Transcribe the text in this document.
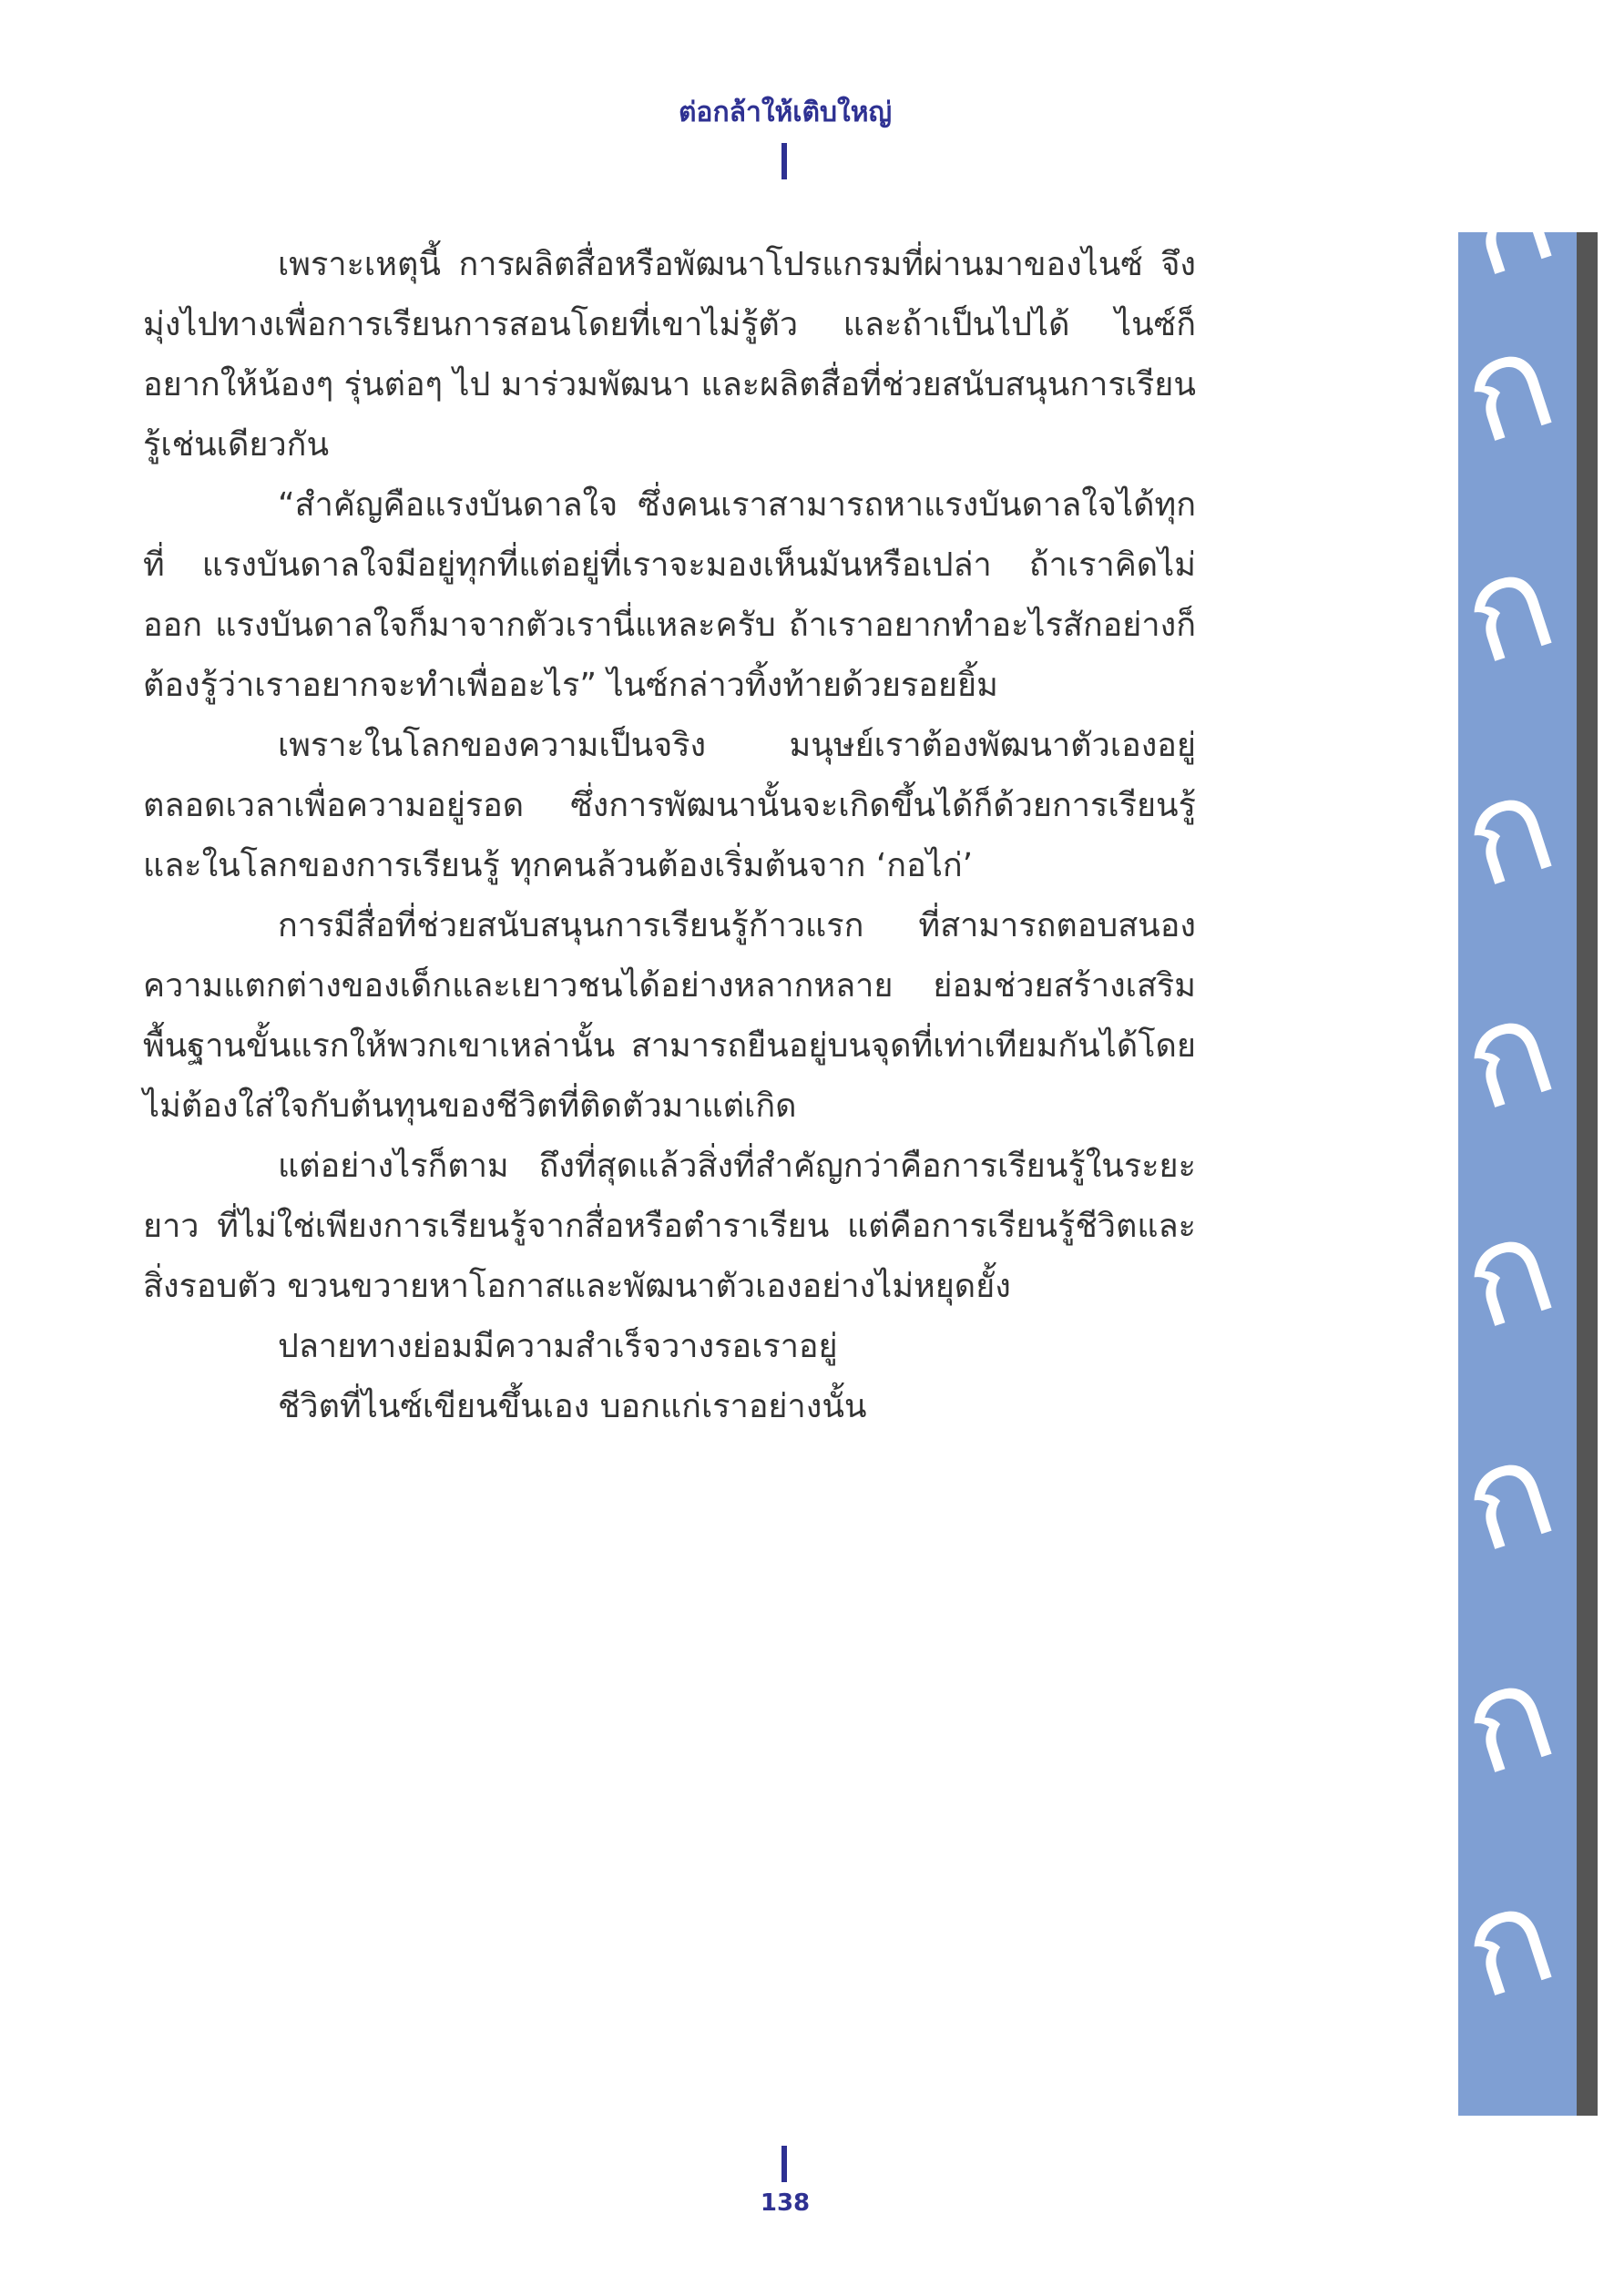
ต่อกล้าให้เติบใหญ่

เพราะเหตุนี้ การผลิตสื่อหรือพัฒนาโปรแกรมที่ผ่านมาของไนซ์ จึงมุ่งไปทางเพื่อการเรียนการสอนโดยที่เขาไม่รู้ตัว และถ้าเป็นไปได้ ไนซ์ก็อยากให้น้องๆ รุ่นต่อๆ ไป มาร่วมพัฒนา และผลิตสื่อที่ช่วยสนับสนุนการเรียนรู้เช่นเดียวกัน

“สำคัญคือแรงบันดาลใจ ซึ่งคนเราสามารถหาแรงบันดาลใจได้ทุกที่ แรงบันดาลใจมีอยู่ทุกที่แต่อยู่ที่เราจะมองเห็นมันหรือเปล่า ถ้าเราคิดไม่ออก แรงบันดาลใจก็มาจากตัวเรานี่แหละครับ ถ้าเราอยากทำอะไรสักอย่างก็ต้องรู้ว่าเราอยากจะทำเพื่ออะไร” ไนซ์กล่าวทิ้งท้ายด้วยรอยยิ้ม

เพราะในโลกของความเป็นจริง มนุษย์เราต้องพัฒนาตัวเองอยู่ตลอดเวลาเพื่อความอยู่รอด ซึ่งการพัฒนานั้นจะเกิดขึ้นได้ก็ด้วยการเรียนรู้ และในโลกของการเรียนรู้ ทุกคนล้วนต้องเริ่มต้นจาก ‘กอไก่’

การมีสื่อที่ช่วยสนับสนุนการเรียนรู้ก้าวแรก ที่สามารถตอบสนองความแตกต่างของเด็กและเยาวชนได้อย่างหลากหลาย ย่อมช่วยสร้างเสริมพื้นฐานขั้นแรกให้พวกเขาเหล่านั้น สามารถยืนอยู่บนจุดที่เท่าเทียมกันได้โดยไม่ต้องใส่ใจกับต้นทุนของชีวิตที่ติดตัวมาแต่เกิด

แต่อย่างไรก็ตาม ถึงที่สุดแล้วสิ่งที่สำคัญกว่าคือการเรียนรู้ในระยะยาว ที่ไม่ใช่เพียงการเรียนรู้จากสื่อหรือตำราเรียน แต่คือการเรียนรู้ชีวิตและสิ่งรอบตัว ขวนขวายหาโอกาสและพัฒนาตัวเองอย่างไม่หยุดยั้ง

ปลายทางย่อมมีความสำเร็จวางรอเราอยู่

ชีวิตที่ไนซ์เขียนขึ้นเอง บอกแก่เราอย่างนั้น

ก
ก
ก
ก
ก
ก
ก
ก
ก
138
